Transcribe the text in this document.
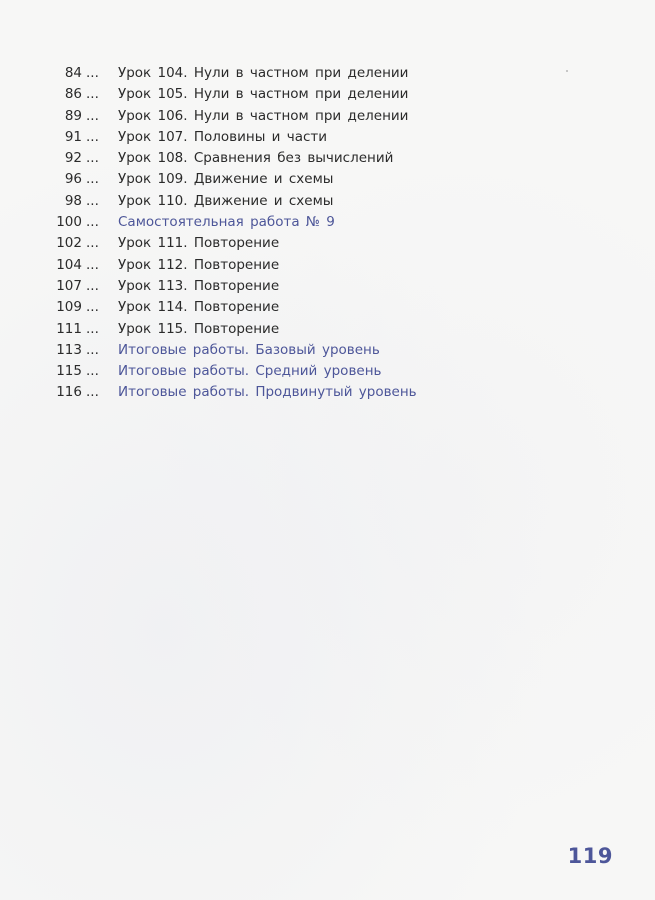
84 ... Урок 104. Нули в частном при делении
86 ... Урок 105. Нули в частном при делении
89 ... Урок 106. Нули в частном при делении
91 ... Урок 107. Половины и части
92 ... Урок 108. Сравнения без вычислений
96 ... Урок 109. Движение и схемы
98 ... Урок 110. Движение и схемы
100 ... Самостоятельная работа № 9
102 ... Урок 111. Повторение
104 ... Урок 112. Повторение
107 ... Урок 113. Повторение
109 ... Урок 114. Повторение
111 ... Урок 115. Повторение
113 ... Итоговые работы. Базовый уровень
115 ... Итоговые работы. Средний уровень
116 ... Итоговые работы. Продвинутый уровень
119
